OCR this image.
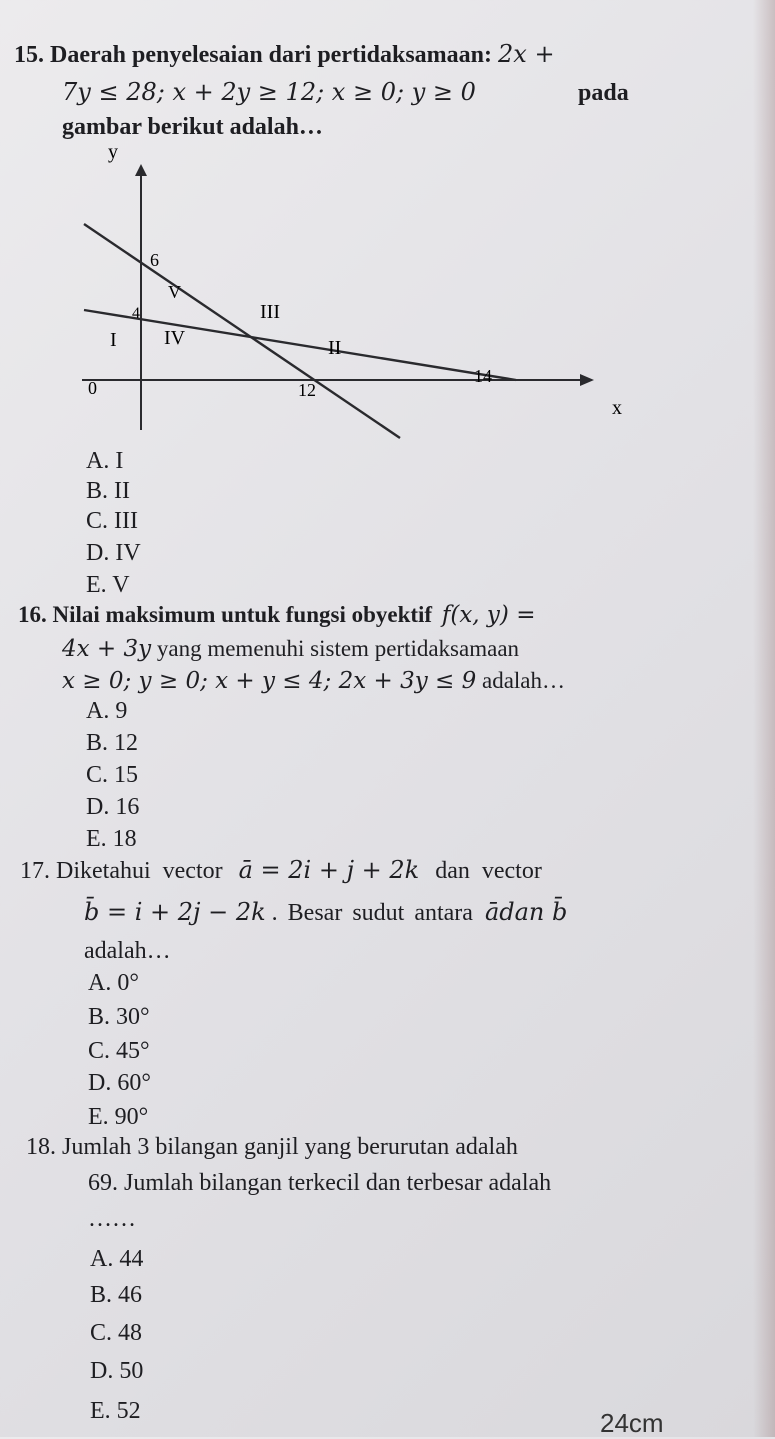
15. Daerah penyelesaian dari pertidaksamaan: 2x +
7y ≤ 28; x + 2y ≥ 12; x ≥ 0; y ≥ 0	pada
gambar berikut adalah…
y
x
6
4
0	12
14
I	II
III
IV
V
A. I
B. II
C. III
D. IV
E. V
16. Nilai maksimum untuk fungsi obyektif f(x, y) =
4x + 3y yang memenuhi sistem pertidaksamaan
x ≥ 0; y ≥ 0; x + y ≤ 4; 2x + 3y ≤ 9 adalah…
A. 9
B. 12
C. 15
D. 16
E. 18
17. Diketahui vector ā = 2i + j + 2k dan vector
b̄ = i + 2j − 2k . Besar sudut antara ādan b̄
adalah…
A. 0°
B. 30°
C. 45°
D. 60°
E. 90°
18. Jumlah 3 bilangan ganjil yang berurutan adalah
69. Jumlah bilangan terkecil dan terbesar adalah
……
A. 44
B. 46
C. 48
D. 50
E. 52	24cm
